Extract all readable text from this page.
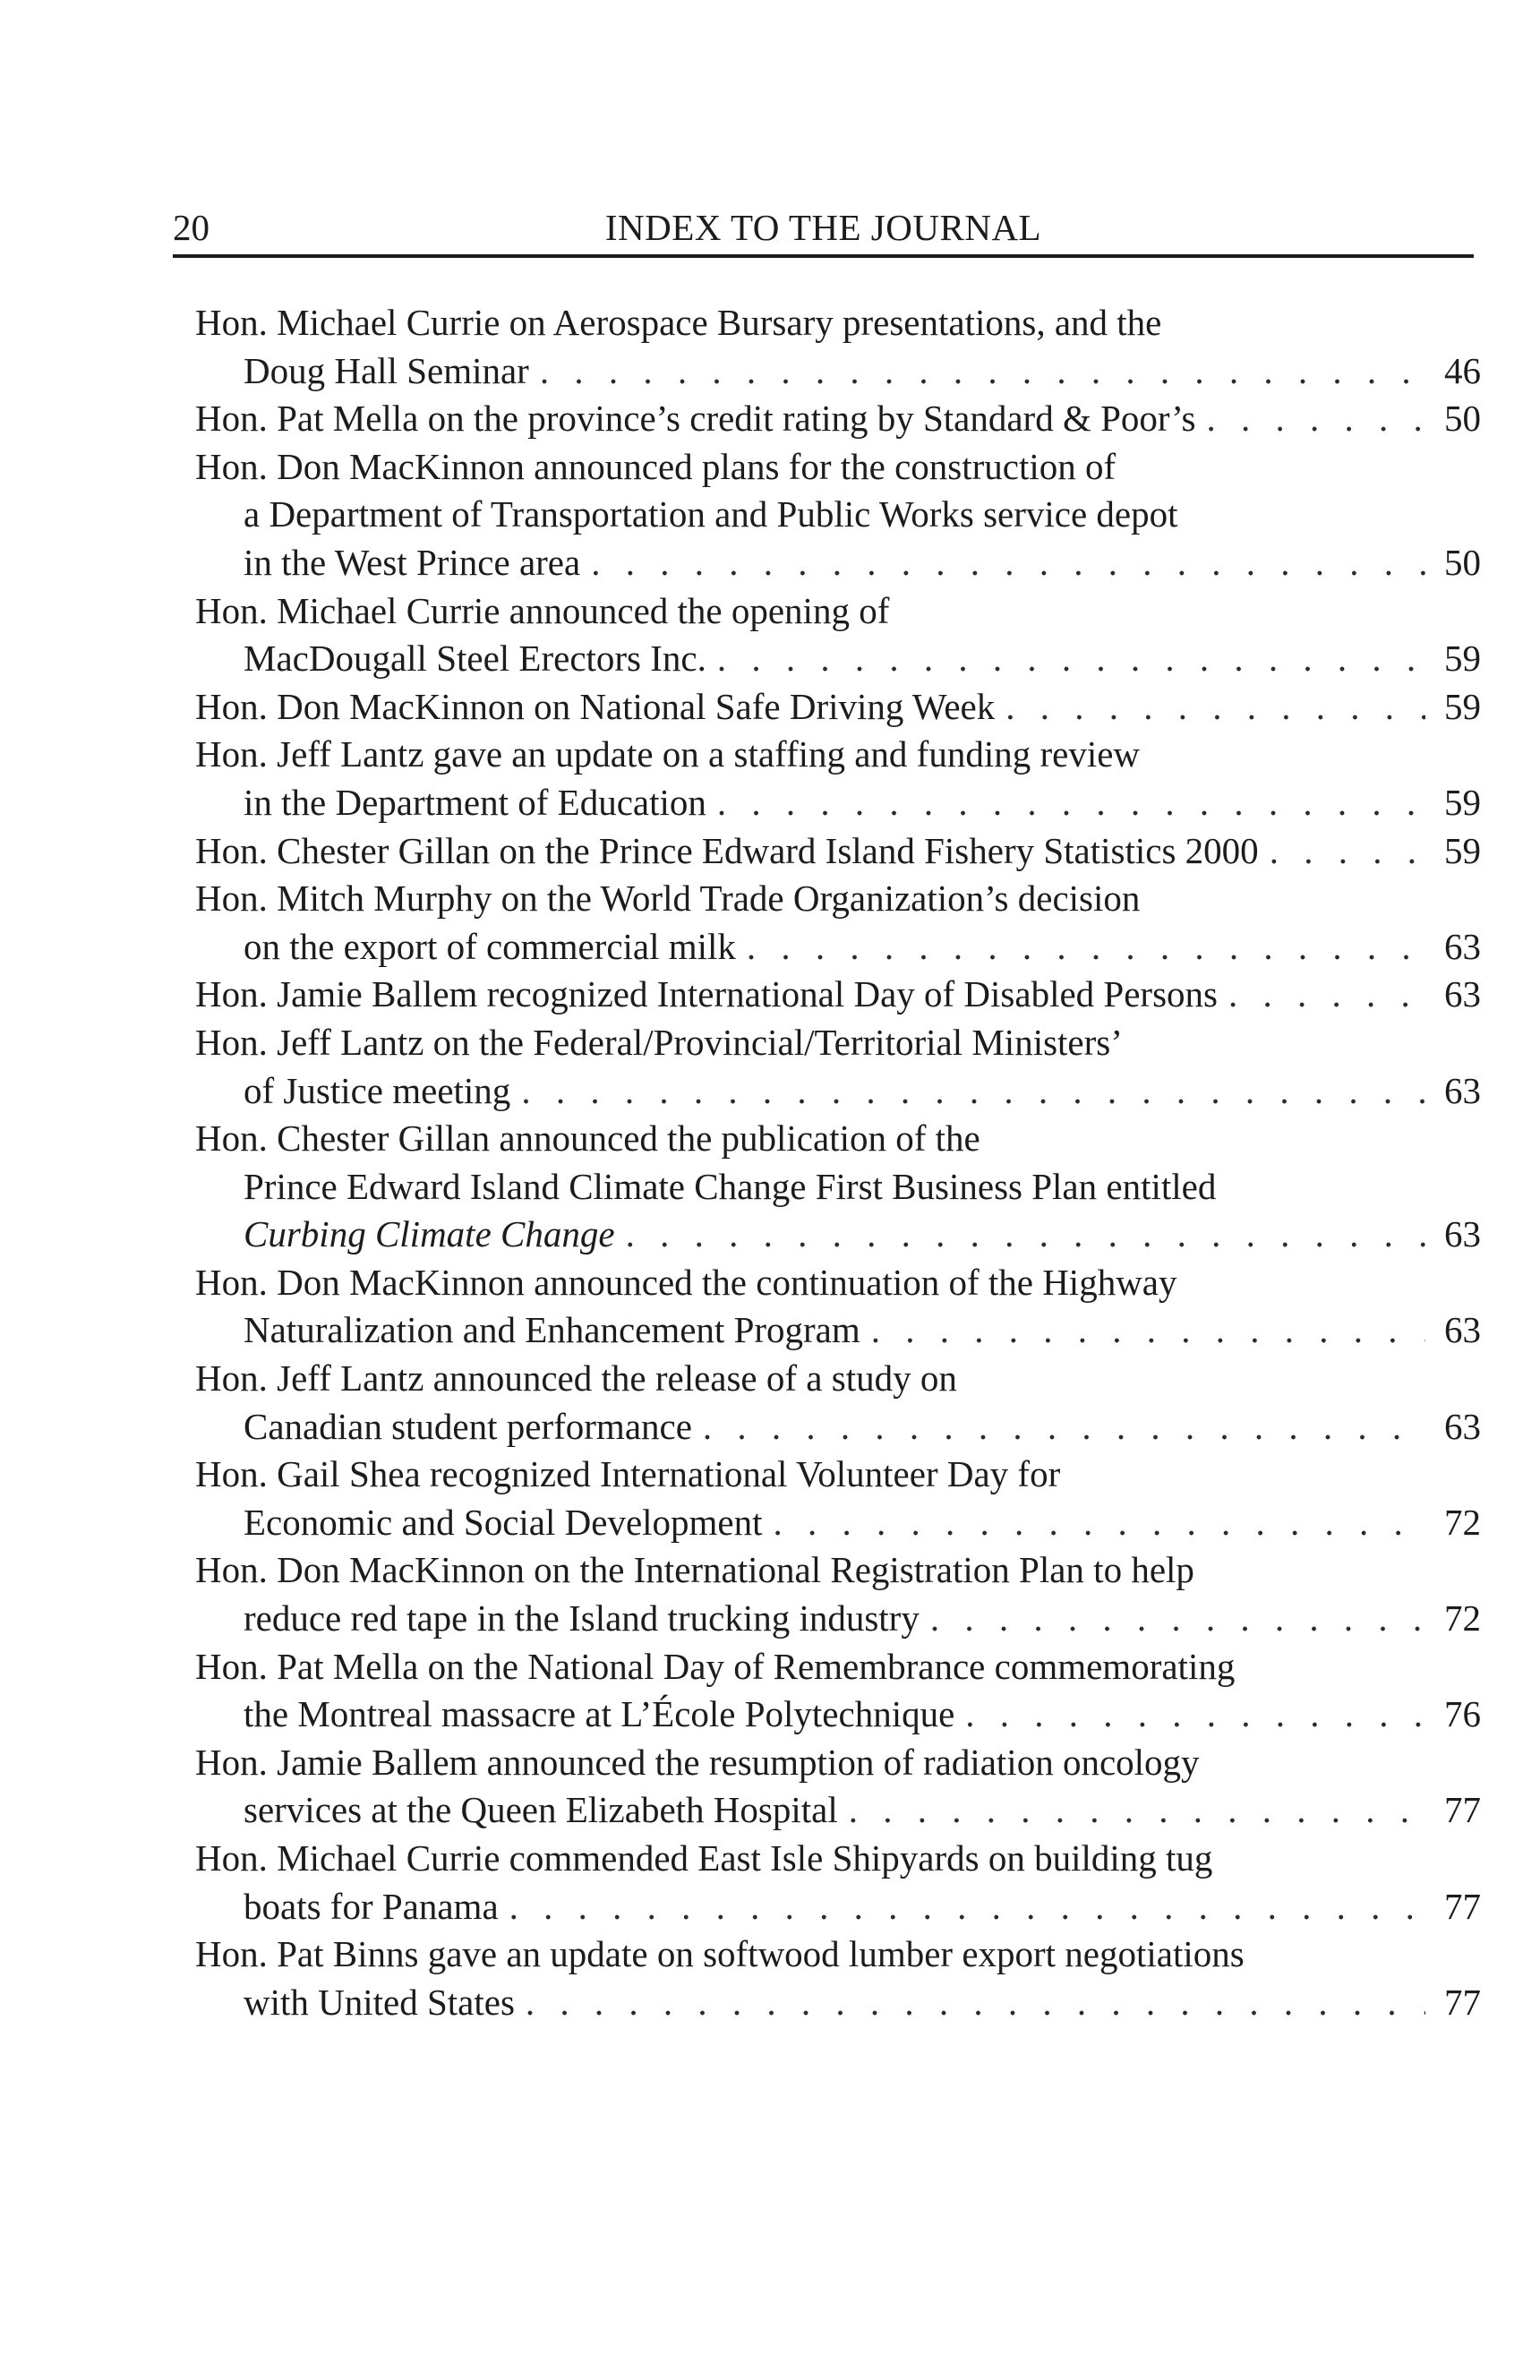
20	INDEX TO THE JOURNAL
Hon. Michael Currie on Aerospace Bursary presentations, and the
Doug Hall Seminar . . .	46
Hon. Pat Mella on the province’s credit rating by Standard & Poor’s . . .	50
Hon. Don MacKinnon announced plans for the construction of
a Department of Transportation and Public Works service depot
in the West Prince area . . .	50
Hon. Michael Currie announced the opening of
MacDougall Steel Erectors Inc. . . .	59
Hon. Don MacKinnon on National Safe Driving Week . . .	59
Hon. Jeff Lantz gave an update on a staffing and funding review
in the Department of Education . . .	59
Hon. Chester Gillan on the Prince Edward Island Fishery Statistics 2000 . . .	59
Hon. Mitch Murphy on the World Trade Organization’s decision
on the export of commercial milk . . .	63
Hon. Jamie Ballem recognized International Day of Disabled Persons . . .	63
Hon. Jeff Lantz on the Federal/Provincial/Territorial Ministers’
of Justice meeting . . .	63
Hon. Chester Gillan announced the publication of the
Prince Edward Island Climate Change First Business Plan entitled
Curbing Climate Change . . .	63
Hon. Don MacKinnon announced the continuation of the Highway
Naturalization and Enhancement Program . . .	63
Hon. Jeff Lantz announced the release of a study on
Canadian student performance . . .	63
Hon. Gail Shea recognized International Volunteer Day for
Economic and Social Development . . .	72
Hon. Don MacKinnon on the International Registration Plan to help
reduce red tape in the Island trucking industry . . .	72
Hon. Pat Mella on the National Day of Remembrance commemorating
the Montreal massacre at L’École Polytechnique . . .	76
Hon. Jamie Ballem announced the resumption of radiation oncology
services at the Queen Elizabeth Hospital . . .	77
Hon. Michael Currie commended East Isle Shipyards on building tug
boats for Panama . . .	77
Hon. Pat Binns gave an update on softwood lumber export negotiations
with United States . . .	77
